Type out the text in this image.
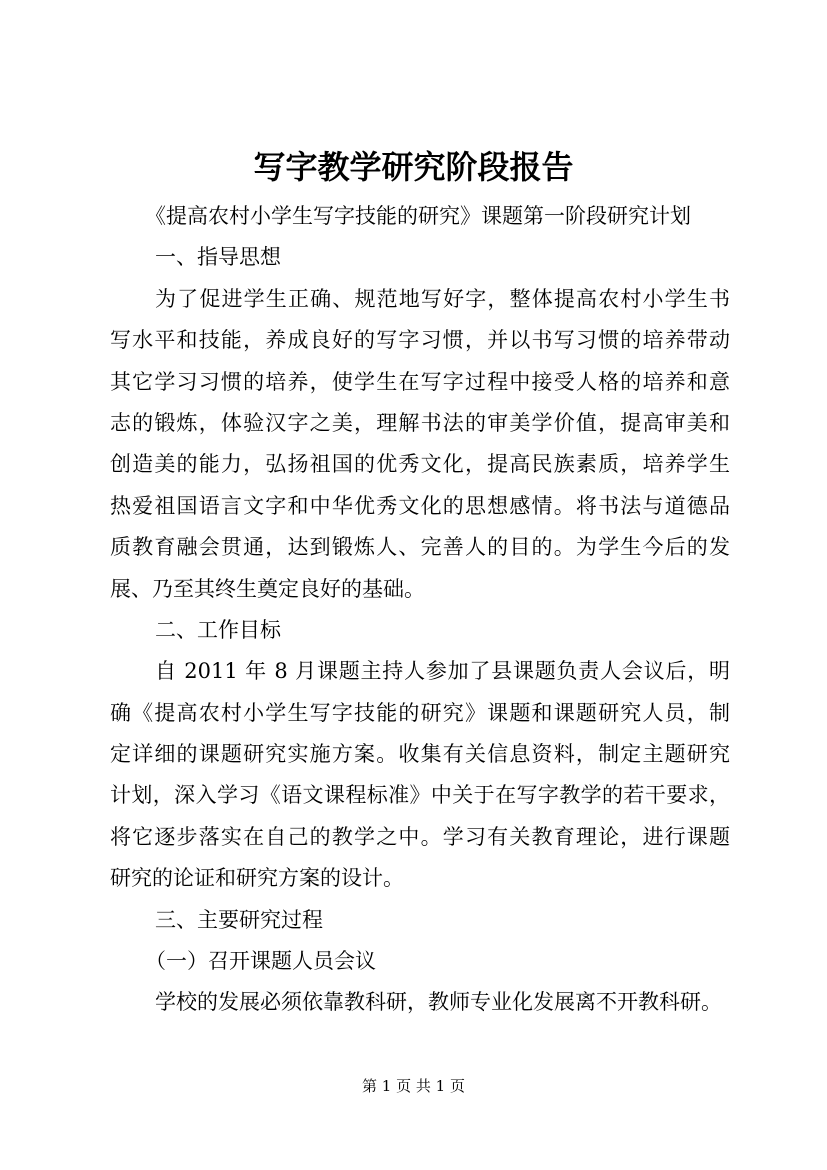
写字教学研究阶段报告
《提高农村小学生写字技能的研究》课题第一阶段研究计划
一、指导思想
为了促进学生正确、规范地写好字，整体提高农村小学生书
写水平和技能，养成良好的写字习惯，并以书写习惯的培养带动
其它学习习惯的培养，使学生在写字过程中接受人格的培养和意
志的锻炼，体验汉字之美，理解书法的审美学价值，提高审美和
创造美的能力，弘扬祖国的优秀文化，提高民族素质，培养学生
热爱祖国语言文字和中华优秀文化的思想感情。将书法与道德品
质教育融会贯通，达到锻炼人、完善人的目的。为学生今后的发
展、乃至其终生奠定良好的基础。
二、工作目标
自 2011 年 8 月课题主持人参加了县课题负责人会议后，明
确《提高农村小学生写字技能的研究》课题和课题研究人员，制
定详细的课题研究实施方案。收集有关信息资料，制定主题研究
计划，深入学习《语文课程标准》中关于在写字教学的若干要求，
将它逐步落实在自己的教学之中。学习有关教育理论，进行课题
研究的论证和研究方案的设计。
三、主要研究过程
（一）召开课题人员会议
学校的发展必须依靠教科研，教师专业化发展离不开教科研。
第 1 页 共 1 页
